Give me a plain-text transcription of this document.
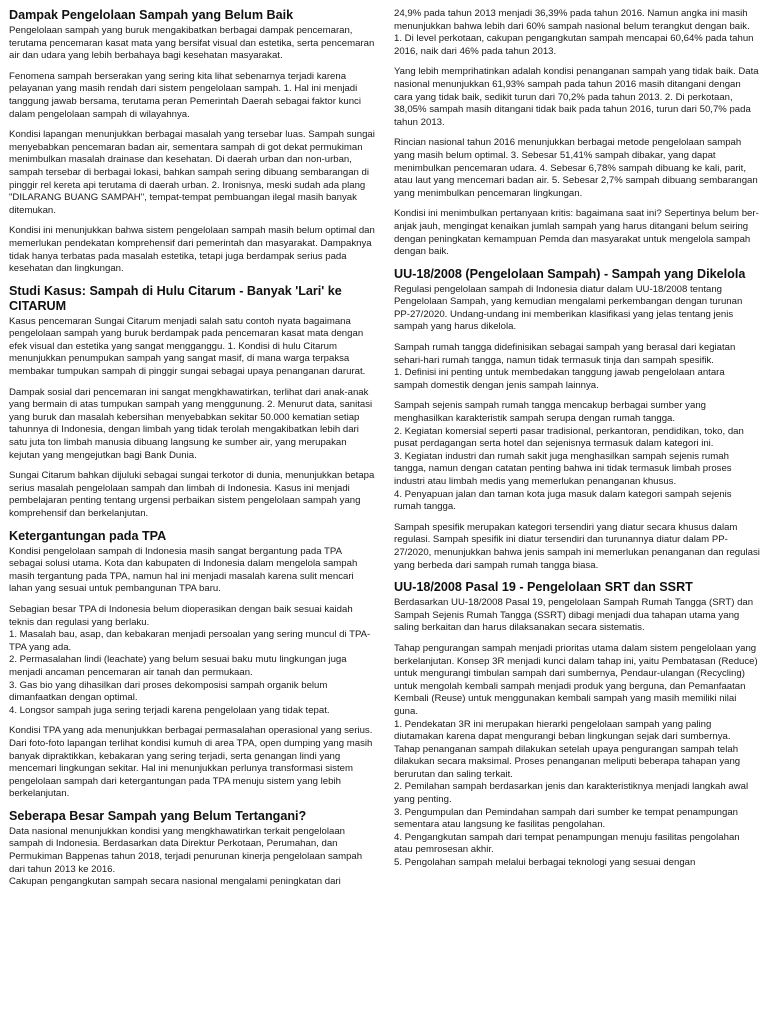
Dampak Pengelolaan Sampah yang Belum Baik

Pengelolaan sampah yang buruk mengakibatkan berbagai dampak pencemaran, terutama pencemaran kasat mata yang bersifat visual dan estetika, serta pencemaran air dan udara yang lebih berbahaya bagi kesehatan masyarakat.

Fenomena sampah berserakan yang sering kita lihat sebenarnya terjadi karena pelayanan yang masih rendah dari sistem pengelolaan sampah. 1. Hal ini menjadi tanggung jawab bersama, terutama peran Pemerintah Daerah sebagai faktor kunci dalam pengelolaan sampah di wilayahnya.

Kondisi lapangan menunjukkan berbagai masalah yang tersebar luas. Sampah sungai menyebabkan pencemaran badan air, sementara sampah di got dekat permukiman menimbulkan masalah drainase dan kesehatan. Di daerah urban dan non-urban, sampah tersebar di berbagai lokasi, bahkan sampah sering dibuang sembarangan di pinggir rel kereta api terutama di daerah urban. 2. Ironisnya, meski sudah ada plang "DILARANG BUANG SAMPAH", tempat-tempat pembuangan ilegal masih banyak ditemukan.

Kondisi ini menunjukkan bahwa sistem pengelolaan sampah masih belum optimal dan memerlukan pendekatan komprehensif dari pemerintah dan masyarakat. Dampaknya tidak hanya terbatas pada masalah estetika, tetapi juga berdampak serius pada kesehatan dan lingkungan.

Studi Kasus: Sampah di Hulu Citarum - Banyak 'Lari' ke CITARUM

Kasus pencemaran Sungai Citarum menjadi salah satu contoh nyata bagaimana pengelolaan sampah yang buruk berdampak pada pencemaran kasat mata dengan efek visual dan estetika yang sangat mengganggu. 1. Kondisi di hulu Citarum menunjukkan penumpukan sampah yang sangat masif, di mana warga terpaksa membakar tumpukan sampah di pinggir sungai sebagai upaya penanganan darurat.

Dampak sosial dari pencemaran ini sangat mengkhawatirkan, terlihat dari anak-anak yang bermain di atas tumpukan sampah yang menggunung. 2. Menurut data, sanitasi yang buruk dan masalah kebersihan menyebabkan sekitar 50.000 kematian setiap tahunnya di Indonesia, dengan limbah yang tidak terolah mengakibatkan lebih dari satu juta ton limbah manusia dibuang langsung ke sumber air, yang merupakan kejutan yang mengejutkan bagi Bank Dunia.

Sungai Citarum bahkan dijuluki sebagai sungai terkotor di dunia, menunjukkan betapa serius masalah pengelolaan sampah dan limbah di Indonesia. Kasus ini menjadi pembelajaran penting tentang urgensi perbaikan sistem pengelolaan sampah yang komprehensif dan berkelanjutan.

Ketergantungan pada TPA

Kondisi pengelolaan sampah di Indonesia masih sangat bergantung pada TPA sebagai solusi utama. Kota dan kabupaten di Indonesia dalam mengelola sampah masih tergantung pada TPA, namun hal ini menjadi masalah karena sulit mencari lahan yang sesuai untuk pembangunan TPA baru.

Sebagian besar TPA di Indonesia belum dioperasikan dengan baik sesuai kaidah teknis dan regulasi yang berlaku.
1. Masalah bau, asap, dan kebakaran menjadi persoalan yang sering muncul di TPA-TPA yang ada.
2. Permasalahan lindi (leachate) yang belum sesuai baku mutu lingkungan juga menjadi ancaman pencemaran air tanah dan permukaan.
3. Gas bio yang dihasilkan dari proses dekomposisi sampah organik belum dimanfaatkan dengan optimal.
4. Longsor sampah juga sering terjadi karena pengelolaan yang tidak tepat.

Kondisi TPA yang ada menunjukkan berbagai permasalahan operasional yang serius. Dari foto-foto lapangan terlihat kondisi kumuh di area TPA, open dumping yang masih banyak dipraktikkan, kebakaran yang sering terjadi, serta genangan lindi yang mencemari lingkungan sekitar. Hal ini menunjukkan perlunya transformasi sistem pengelolaan sampah dari ketergantungan pada TPA menuju sistem yang lebih berkelanjutan.

Seberapa Besar Sampah yang Belum Tertangani?

Data nasional menunjukkan kondisi yang mengkhawatirkan terkait pengelolaan sampah di Indonesia. Berdasarkan data Direktur Perkotaan, Perumahan, dan Permukiman Bappenas tahun 2018, terjadi penurunan kinerja pengelolaan sampah dari tahun 2013 ke 2016.
Cakupan pengangkutan sampah secara nasional mengalami peningkatan dari

24,9% pada tahun 2013 menjadi 36,39% pada tahun 2016. Namun angka ini masih menunjukkan bahwa lebih dari 60% sampah nasional belum terangkut dengan baik. 1. Di level perkotaan, cakupan pengangkutan sampah mencapai 60,64% pada tahun 2016, naik dari 46% pada tahun 2013.

Yang lebih memprihatinkan adalah kondisi penanganan sampah yang tidak baik. Data nasional menunjukkan 61,93% sampah pada tahun 2016 masih ditangani dengan cara yang tidak baik, sedikit turun dari 70,2% pada tahun 2013. 2. Di perkotaan, 38,05% sampah masih ditangani tidak baik pada tahun 2016, turun dari 50,7% pada tahun 2013.

Rincian nasional tahun 2016 menunjukkan berbagai metode pengelolaan sampah yang masih belum optimal. 3. Sebesar 51,41% sampah dibakar, yang dapat menimbulkan pencemaran udara. 4. Sebesar 6,78% sampah dibuang ke kali, parit, atau laut yang mencemari badan air. 5. Sebesar 2,7% sampah dibuang sembarangan yang menimbulkan pencemaran lingkungan.

Kondisi ini menimbulkan pertanyaan kritis: bagaimana saat ini? Sepertinya belum ber-anjak jauh, mengingat kenaikan jumlah sampah yang harus ditangani belum seiring dengan peningkatan kemampuan Pemda dan masyarakat untuk mengelola sampah dengan baik.

UU-18/2008 (Pengelolaan Sampah) - Sampah yang Dikelola

Regulasi pengelolaan sampah di Indonesia diatur dalam UU-18/2008 tentang Pengelolaan Sampah, yang kemudian mengalami perkembangan dengan turunan PP-27/2020. Undang-undang ini memberikan klasifikasi yang jelas tentang jenis sampah yang harus dikelola.

Sampah rumah tangga didefinisikan sebagai sampah yang berasal dari kegiatan sehari-hari rumah tangga, namun tidak termasuk tinja dan sampah spesifik.
1. Definisi ini penting untuk membedakan tanggung jawab pengelolaan antara sampah domestik dengan jenis sampah lainnya.

Sampah sejenis sampah rumah tangga mencakup berbagai sumber yang menghasilkan karakteristik sampah serupa dengan rumah tangga.
2. Kegiatan komersial seperti pasar tradisional, perkantoran, pendidikan, toko, dan pusat perdagangan serta hotel dan sejenisnya termasuk dalam kategori ini.
3. Kegiatan industri dan rumah sakit juga menghasilkan sampah sejenis rumah tangga, namun dengan catatan penting bahwa ini tidak termasuk limbah proses industri atau limbah medis yang memerlukan penanganan khusus.
4. Penyapuan jalan dan taman kota juga masuk dalam kategori sampah sejenis rumah tangga.

Sampah spesifik merupakan kategori tersendiri yang diatur secara khusus dalam regulasi. Sampah spesifik ini diatur tersendiri dan turunannya diatur dalam PP-27/2020, menunjukkan bahwa jenis sampah ini memerlukan penanganan dan regulasi yang berbeda dari sampah rumah tangga biasa.

UU-18/2008 Pasal 19 - Pengelolaan SRT dan SSRT

Berdasarkan UU-18/2008 Pasal 19, pengelolaan Sampah Rumah Tangga (SRT) dan Sampah Sejenis Rumah Tangga (SSRT) dibagi menjadi dua tahapan utama yang saling berkaitan dan harus dilaksanakan secara sistematis.

Tahap pengurangan sampah menjadi prioritas utama dalam sistem pengelolaan yang berkelanjutan. Konsep 3R menjadi kunci dalam tahap ini, yaitu Pembatasan (Reduce) untuk mengurangi timbulan sampah dari sumbernya, Pendaur-ulangan (Recycling) untuk mengolah kembali sampah menjadi produk yang berguna, dan Pemanfaatan Kembali (Reuse) untuk menggunakan kembali sampah yang masih memiliki nilai guna.
1. Pendekatan 3R ini merupakan hierarki pengelolaan sampah yang paling diutamakan karena dapat mengurangi beban lingkungan sejak dari sumbernya.
Tahap penanganan sampah dilakukan setelah upaya pengurangan sampah telah dilakukan secara maksimal. Proses penanganan meliputi beberapa tahapan yang berurutan dan saling terkait.
2. Pemilahan sampah berdasarkan jenis dan karakteristiknya menjadi langkah awal yang penting.
3. Pengumpulan dan Pemindahan sampah dari sumber ke tempat penampungan sementara atau langsung ke fasilitas pengolahan.
4. Pengangkutan sampah dari tempat penampungan menuju fasilitas pengolahan atau pemrosesan akhir.
5. Pengolahan sampah melalui berbagai teknologi yang sesuai dengan
